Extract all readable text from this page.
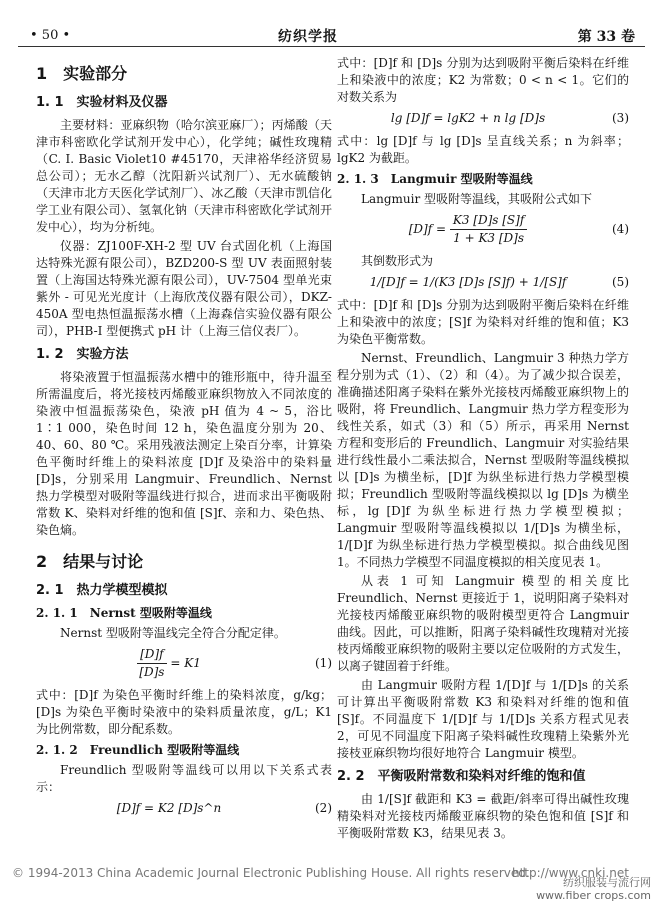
• 50 •	纺织学报	第 33 卷
1　实验部分
1. 1　实验材料及仪器

主要材料：亚麻织物（哈尔滨亚麻厂）；丙烯酸（天津市科密欧化学试剂开发中心），化学纯；碱性玫瑰精（C. I. Basic Violet10 #45170，天津裕华经济贸易总公司）；无水乙醇（沈阳新兴试剂厂）、无水硫酸钠（天津市北方天医化学试剂厂）、冰乙酸（天津市凯信化学工业有限公司）、氢氧化钠（天津市科密欧化学试剂开发中心），均为分析纯。

仪器：ZJ100F-XH-2 型 UV 台式固化机（上海国达特殊光源有限公司），BZD200-S 型 UV 表面照射装置（上海国达特殊光源有限公司），UV-7504 型单光束紫外 - 可见光光度计（上海欣茂仪器有限公司），DKZ-450A 型电热恒温振荡水槽（上海森信实验仪器有限公司），PHB-I 型便携式 pH 计（上海三信仪表厂）。

1. 2　实验方法

将染液置于恒温振荡水槽中的锥形瓶中，待升温至所需温度后，将光接枝丙烯酸亚麻织物放入不同浓度的染液中恒温振荡染色，染液 pH 值为 4 ~ 5，浴比 1∶1 000，染色时间 12 h，染色温度分别为 20、40、60、80 ℃。采用残液法测定上染百分率，计算染色平衡时纤维上的染料浓度 [D]f 及染浴中的染料量 [D]s，分别采用 Langmuir、Freundlich、Nernst 热力学模型对吸附等温线进行拟合，进而求出平衡吸附常数 K、染料对纤维的饱和值 [S]f、亲和力、染色热、染色熵。

2　结果与讨论
2. 1　热力学模型模拟
2. 1. 1　Nernst 型吸附等温线

Nernst 型吸附等温线完全符合分配定律。

$\frac{[D]f}{[D]s} = K1$	(1)

式中：[D]f 为染色平衡时纤维上的染料浓度，g/kg；[D]s 为染色平衡时染液中的染料质量浓度，g/L；K1 为比例常数，即分配系数。

2. 1. 2　Freundlich 型吸附等温线

Freundlich 型吸附等温线可以用以下关系式表示：

[D]f = K2 [D]s^n	(2)

式中：[D]f 和 [D]s 分别为达到吸附平衡后染料在纤维上和染液中的浓度；K2 为常数；0 < n < 1。它们的对数关系为

lg [D]f = lgK2 + n lg [D]s	(3)

式中：lg [D]f 与 lg [D]s 呈直线关系；n 为斜率；lgK2 为截距。

2. 1. 3　Langmuir 型吸附等温线

Langmuir 型吸附等温线，其吸附公式如下

$[D]f = \frac{K3 [D]s [S]f}{1 + K3 [D]s}$	(4)

其倒数形式为

1/[D]f = 1/(K3 [D]s [S]f) + 1/[S]f	(5)

式中：[D]f 和 [D]s 分别为达到吸附平衡后染料在纤维上和染液中的浓度；[S]f 为染料对纤维的饱和值；K3 为染色平衡常数。

Nernst、Freundlich、Langmuir 3 种热力学方程分别为式（1）、（2）和（4）。为了减少拟合误差，准确描述阳离子染料在紫外光接枝丙烯酸亚麻织物上的吸附，将 Freundlich、Langmuir 热力学方程变形为线性关系，如式（3）和（5）所示，再采用 Nernst 方程和变形后的 Freundlich、Langmuir 对实验结果进行线性最小二乘法拟合，Nernst 型吸附等温线模拟以 [D]s 为横坐标，[D]f 为纵坐标进行热力学模型模拟；Freundlich 型吸附等温线模拟以 lg [D]s 为横坐标，lg [D]f 为纵坐标进行热力学模型模拟；Langmuir 型吸附等温线模拟以 1/[D]s 为横坐标，1/[D]f 为纵坐标进行热力学模型模拟。拟合曲线见图 1。不同热力学模型不同温度模拟的相关度见表 1。

从表 1 可知 Langmuir 模型的相关度比 Freundlich、Nernst 更接近于 1，说明阳离子染料对光接枝丙烯酸亚麻织物的吸附模型更符合 Langmuir 曲线。因此，可以推断，阳离子染料碱性玫瑰精对光接枝丙烯酸亚麻织物的吸附主要以定位吸附的方式发生，以离子键固着于纤维。

由 Langmuir 吸附方程 1/[D]f 与 1/[D]s 的关系可计算出平衡吸附常数 K3 和染料对纤维的饱和值 [S]f。不同温度下 1/[D]f 与 1/[D]s 关系方程式见表 2，可见不同温度下阳离子染料碱性玫瑰精上染紫外光接枝亚麻织物均很好地符合 Langmuir 模型。

2. 2　平衡吸附常数和染料对纤维的饱和值

由 1/[S]f 截距和 K3 = 截距/斜率可得出碱性玫瑰精染料对光接枝丙烯酸亚麻织物的染色饱和值 [S]f 和平衡吸附常数 K3，结果见表 3。

© 1994-2013 China Academic Journal Electronic Publishing House. All rights reserved.
http://www.cnki.net
纺织服装与流行网
www.fiber crops.com
